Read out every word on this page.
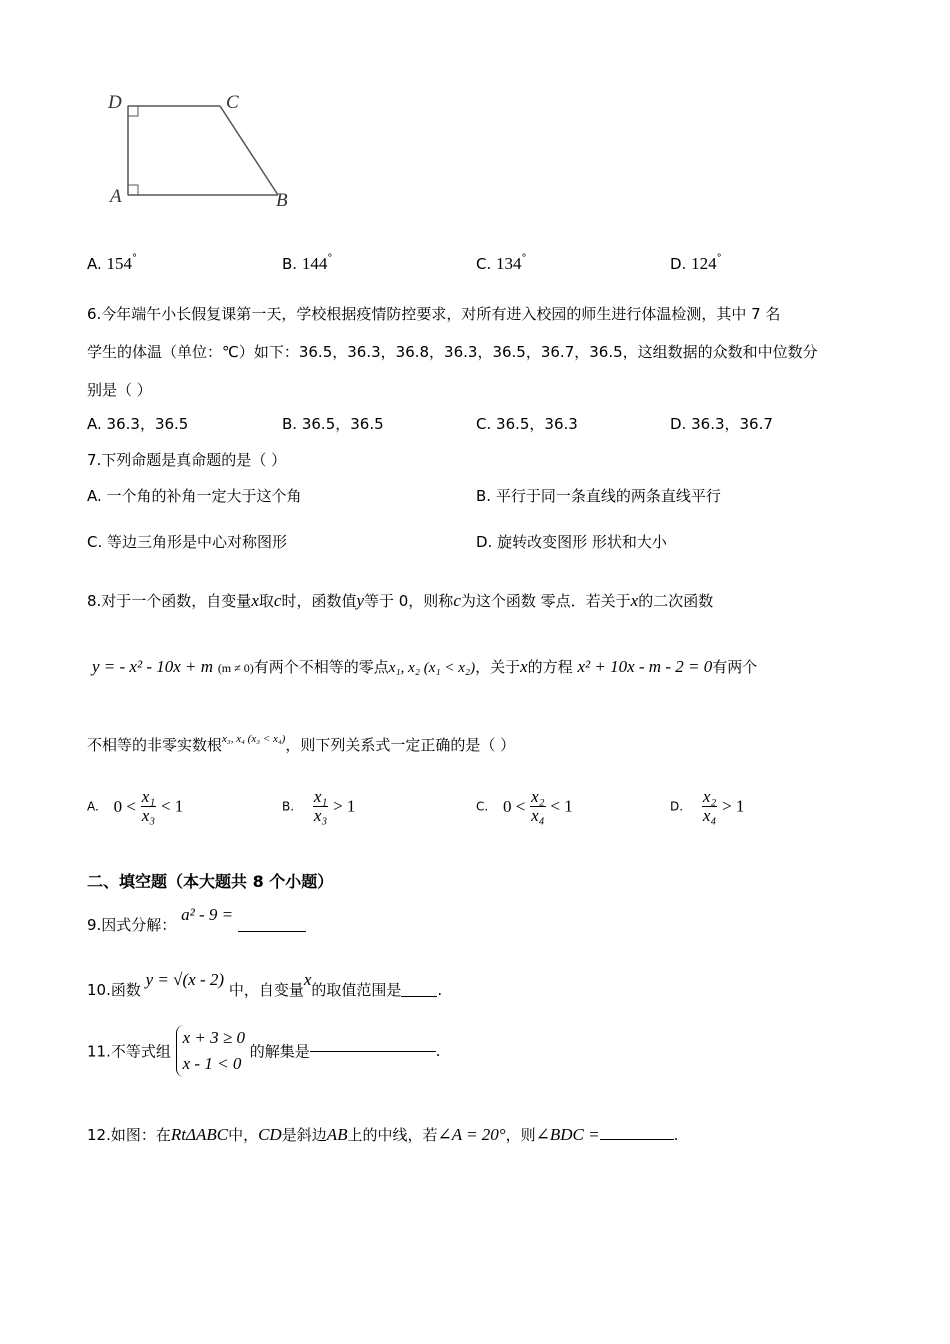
D	C
A	B
A. 154°	B. 144°	C. 134°	D. 124°
6.今年端午小长假复课第一天，学校根据疫情防控要求，对所有进入校园的师生进行体温检测，其中 7 名
学生的体温（单位：℃）如下：36.5，36.3，36.8，36.3，36.5，36.7，36.5，这组数据的众数和中位数分
别是（ ）
A. 36.3，36.5	B. 36.5，36.5	C. 36.5，36.3	D. 36.3，36.7
7.下列命题是真命题的是（ ）
A. 一个角的补角一定大于这个角	B. 平行于同一条直线的两条直线平行
C. 等边三角形是中心对称图形	D. 旋转改变图形 形状和大小
8.对于一个函数，自变量x取c时，函数值y等于 0，则称c为这个函数 零点．若关于x的二次函数
y = - x² - 10x + m (m ≠ 0)有两个不相等的零点x₁, x₂ (x₁ < x₂)，关于x的方程 x² + 10x - m - 2 = 0有两个
不相等的非零实数根$^{x_3, x_4 (x_3 < x_4)}$，则下列关系式一定正确的是（ ）
A. $0 < \frac{\text{x₁}}{\text{x₃}} < 1$	B. $\frac{\text{x₁}}{\text{x₃}} > 1$	C. $0 < \frac{\text{x₂}}{\text{x₄}} < 1$	D. $\frac{\text{x₂}}{\text{x₄}} > 1$
二、填空题（本大题共 8 个小题）
9.因式分解： a² - 9 =
10.函数 y = √(x - 2) 中，自变量x的取值范围是 .
11.不等式组
x + 3 ≥ 0
x - 1 < 0
的解集是	.
12.如图：在RtΔABC中，CD是斜边AB上的中线，若∠A = 20°，则∠BDC =	.
